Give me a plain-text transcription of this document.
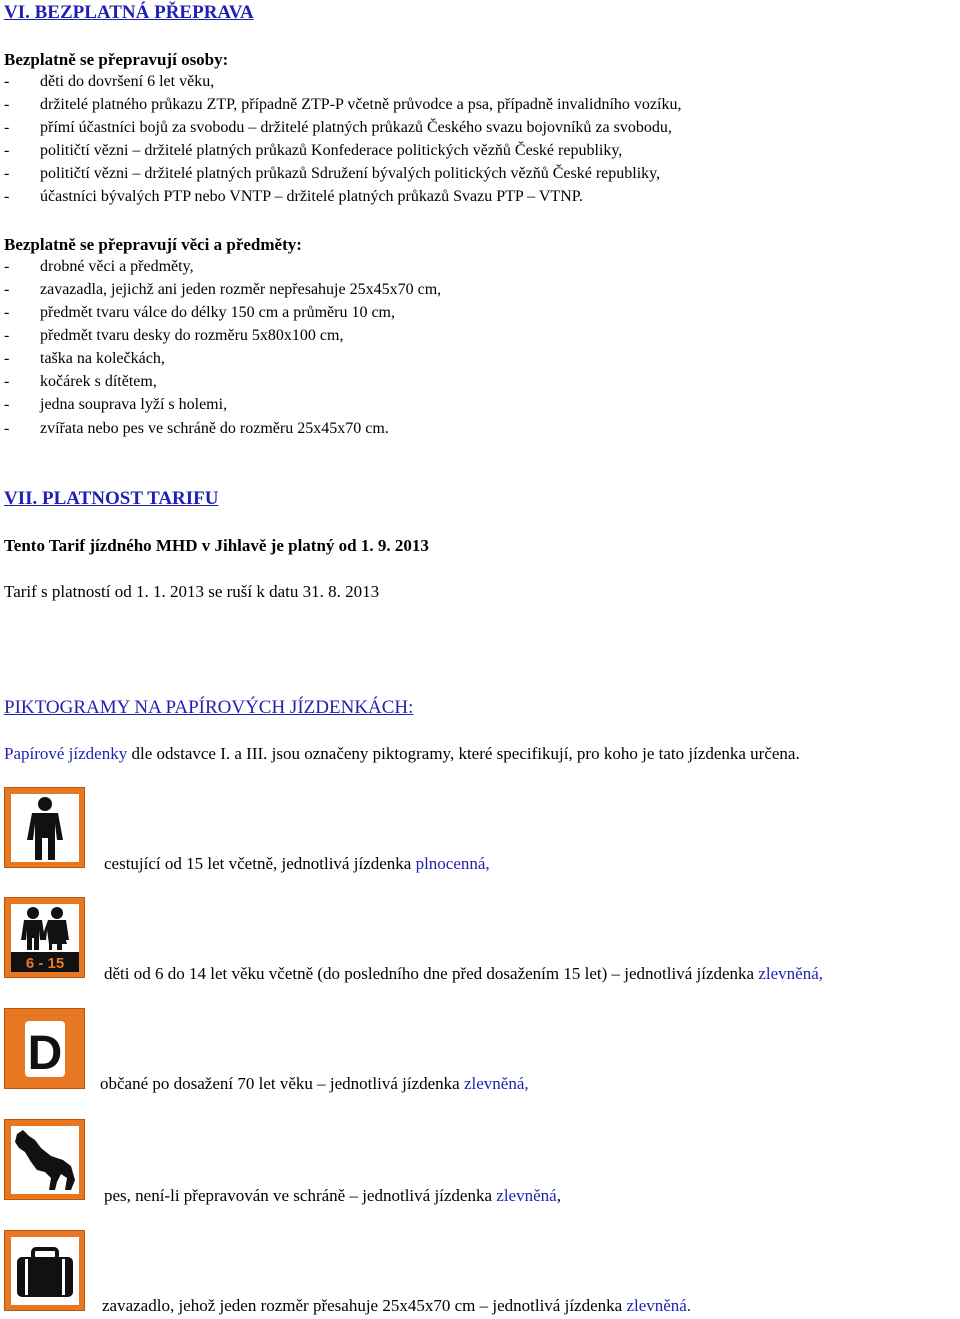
VI. BEZPLATNÁ PŘEPRAVA
Bezplatně se přepravují osoby:
- děti do dovršení 6 let věku,
- držitelé platného průkazu ZTP, případně ZTP-P včetně průvodce a psa, případně invalidního vozíku,
- přímí účastníci bojů za svobodu – držitelé platných průkazů Českého svazu bojovníků za svobodu,
- političtí vězni – držitelé platných průkazů Konfederace politických vězňů České republiky,
- političtí vězni – držitelé platných průkazů Sdružení bývalých politických vězňů České republiky,
- účastníci bývalých PTP nebo VNTP – držitelé platných průkazů Svazu PTP – VTNP.
Bezplatně se přepravují věci a předměty:
- drobné věci a předměty,
- zavazadla, jejichž ani jeden rozměr nepřesahuje 25x45x70 cm,
- předmět tvaru válce do délky 150 cm a průměru 10 cm,
- předmět tvaru desky do rozměru 5x80x100 cm,
- taška na kolečkách,
- kočárek s dítětem,
- jedna souprava lyží s holemi,
- zvířata nebo pes ve schráně do rozměru 25x45x70 cm.
VII. PLATNOST TARIFU
Tento Tarif jízdného MHD v Jihlavě je platný od 1. 9. 2013
Tarif s platností od 1. 1. 2013 se ruší k datu 31. 8. 2013
PIKTOGRAMY NA PAPÍROVÝCH JÍZDENKÁCH:
Papírové jízdenky dle odstavce I. a III. jsou označeny piktogramy, které specifikují, pro koho je tato jízdenka určena.
cestující od 15 let včetně, jednotlivá jízdenka plnocenná,
6 - 15
děti od 6 do 14 let věku včetně (do posledního dne před dosažením 15 let) – jednotlivá jízdenka zlevněná,
D
občané po dosažení 70 let věku – jednotlivá jízdenka zlevněná,
pes, není-li přepravován ve schráně – jednotlivá jízdenka zlevněná,
zavazadlo, jehož jeden rozměr přesahuje 25x45x70 cm – jednotlivá jízdenka zlevněná.
